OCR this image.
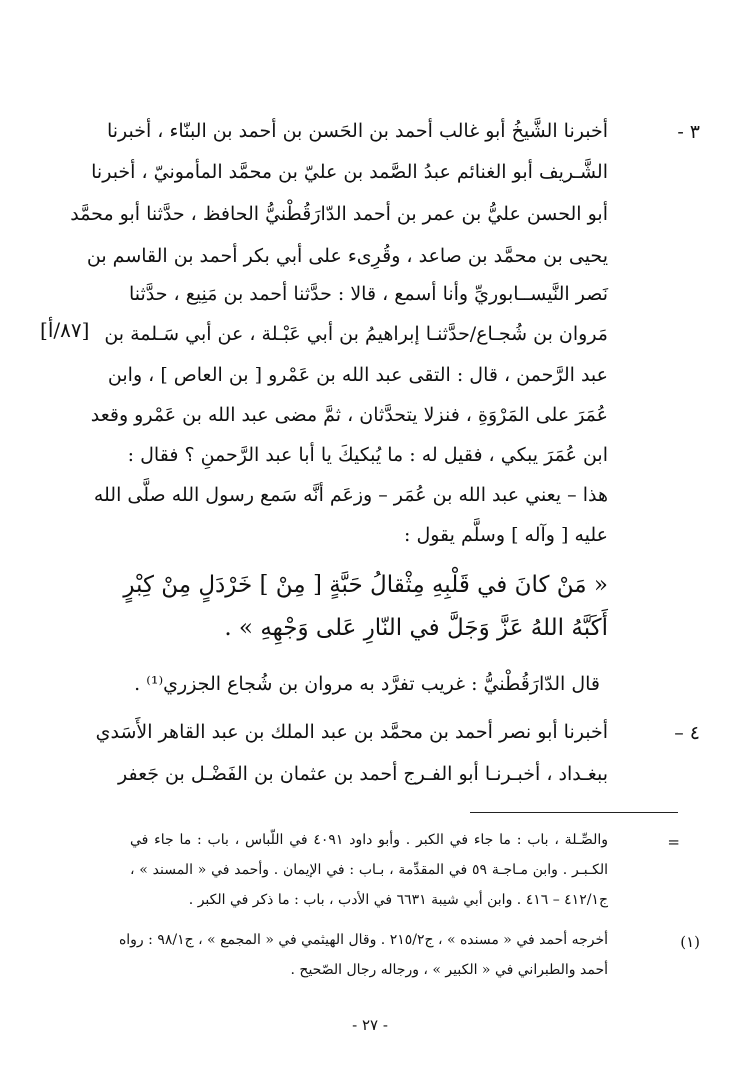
٣ -
أخبرنا الشَّيخُ أبو غالب أحمد بن الحَسن بن أحمد بن البنّاء ، أخبرنا
الشَّـريف أبو الغنائم عبدُ الصَّمد بن عليّ بن محمَّد المأمونيّ ، أخبرنا
أبو الحسن عليُّ بن عمر بن أحمد الدّارَقُطْنيُّ الحافظ ، حدَّثنا أبو محمَّد
يحيى بن محمَّد بن صاعد ، وقُرِىء على أبي بكر أحمد بن القاسم بن
نَصر النَّيســابوريِّ وأنا أسمع ، قالا : حدَّثنا أحمد بن مَنِيع ، حدَّثنا
مَروان بن شُجـاع/حدَّثنـا إبراهيمُ بن أبي عَبْـلة ، عن أبي سَـلمة بن
عبد الرَّحمن ، قال : التقى عبد الله بن عَمْرو [ بن العاص ] ، وابن
عُمَرَ على المَرْوَةِ ، فنزلا يتحدَّثان ، ثمَّ مضى عبد الله بن عَمْرو وقعد
ابن عُمَرَ يبكي ، فقيل له : ما يُبكيكَ يا أبا عبد الرَّحمنِ ؟ فقال :
هذا – يعني عبد الله بن عُمَر – وزعَم أنَّه سَمع رسول الله صلَّى الله
عليه [ وآله ] وسلَّم يقول :
[٨٧/أ]
« مَنْ كانَ في قَلْبِهِ مِثْقالُ حَبَّةٍ [ مِنْ ] خَرْدَلٍ مِنْ كِبْرٍ
أَكَبَّهُ اللهُ عَزَّ وَجَلَّ في النّارِ عَلى وَجْهِهِ » .
قال الدّارَقُطْنيُّ : غريب تفرَّد به مروان بن شُجاع الجزري⁽¹⁾ .
٤ –
أخبرنا أبو نصر أحمد بن محمَّد بن عبد الملك بن عبد القاهر الأَسَدي
ببغـداد ، أخبـرنـا أبو الفـرج أحمد بن عثمان بن الفَضْـل بن جَعفر
=
والصِّـلة ، باب : ما جاء في الكبر . وأبو داود ٤٠٩١ في اللّباس ، باب : ما جاء في
الكـبـر . وابن مـاجـة ٥٩ في المقدِّمة ، بـاب : في الإيمان . وأحمد في « المسند » ،
ج٤١٢/١ – ٤١٦ . وابن أبي شيبة ٦٦٣١ في الأدب ، باب : ما ذكر في الكبر .
(١)
أخرجه أحمد في « مسنده » ، ج٢١٥/٢ . وقال الهيثمي في « المجمع » ، ج٩٨/١ : رواه
أحمد والطبراني في « الكبير » ، ورجاله رجال الصّحيح .
- ٢٧ -
